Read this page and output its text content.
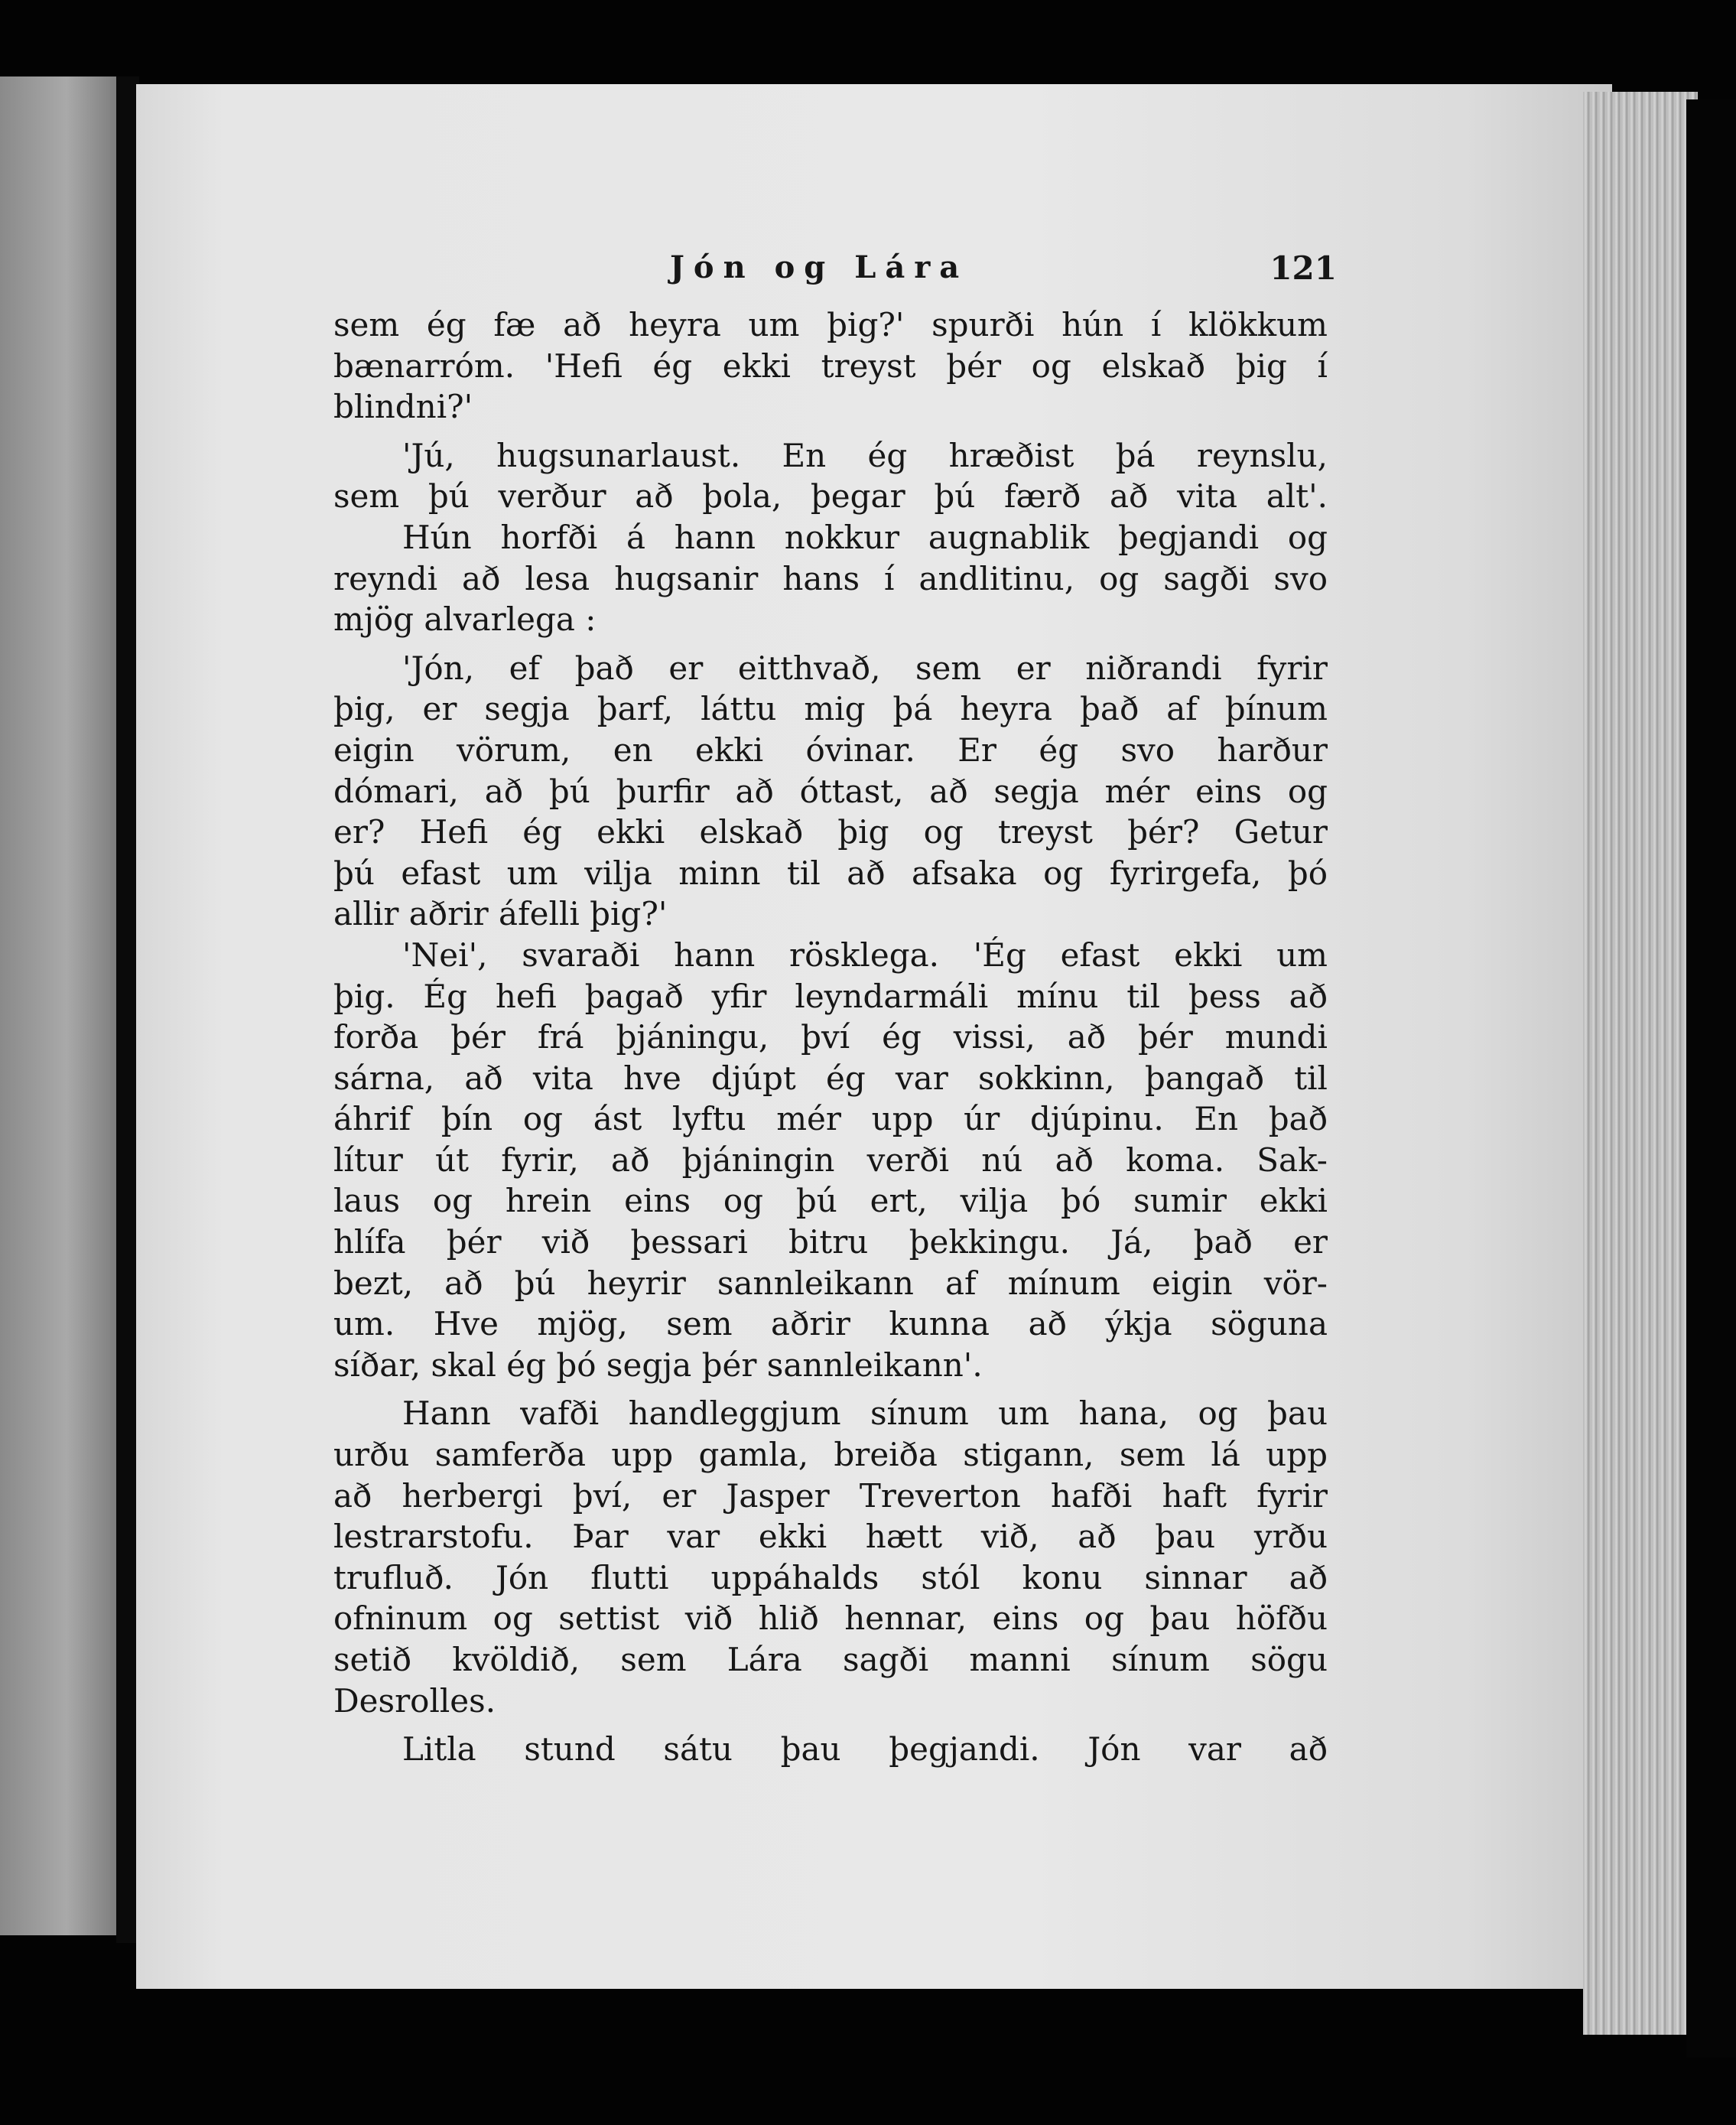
Jón og Lára	121
sem ég fæ að heyra um þig?' spurði hún í klökkum
bænarróm. 'Hefi ég ekki treyst þér og elskað þig í
blindni?'
'Jú, hugsunarlaust. En ég hræðist þá reynslu,
sem þú verður að þola, þegar þú færð að vita alt'.
Hún horfði á hann nokkur augnablik þegjandi og
reyndi að lesa hugsanir hans í andlitinu, og sagði svo
mjög alvarlega :
'Jón, ef það er eitthvað, sem er niðrandi fyrir
þig, er segja þarf, láttu mig þá heyra það af þínum
eigin vörum, en ekki óvinar. Er ég svo harður
dómari, að þú þurfir að óttast, að segja mér eins og
er? Hefi ég ekki elskað þig og treyst þér? Getur
þú efast um vilja minn til að afsaka og fyrirgefa, þó
allir aðrir áfelli þig?'
'Nei', svaraði hann rösklega. 'Ég efast ekki um
þig. Ég hefi þagað yfir leyndarmáli mínu til þess að
forða þér frá þjáningu, því ég vissi, að þér mundi
sárna, að vita hve djúpt ég var sokkinn, þangað til
áhrif þín og ást lyftu mér upp úr djúpinu. En það
lítur út fyrir, að þjáningin verði nú að koma. Sak-
laus og hrein eins og þú ert, vilja þó sumir ekki
hlífa þér við þessari bitru þekkingu. Já, það er
bezt, að þú heyrir sannleikann af mínum eigin vör-
um. Hve mjög, sem aðrir kunna að ýkja söguna
síðar, skal ég þó segja þér sannleikann'.
Hann vafði handleggjum sínum um hana, og þau
urðu samferða upp gamla, breiða stigann, sem lá upp
að herbergi því, er Jasper Treverton hafði haft fyrir
lestrarstofu. Þar var ekki hætt við, að þau yrðu
trufluð. Jón flutti uppáhalds stól konu sinnar að
ofninum og settist við hlið hennar, eins og þau höfðu
setið kvöldið, sem Lára sagði manni sínum sögu
Desrolles.
Litla stund sátu þau þegjandi. Jón var að
